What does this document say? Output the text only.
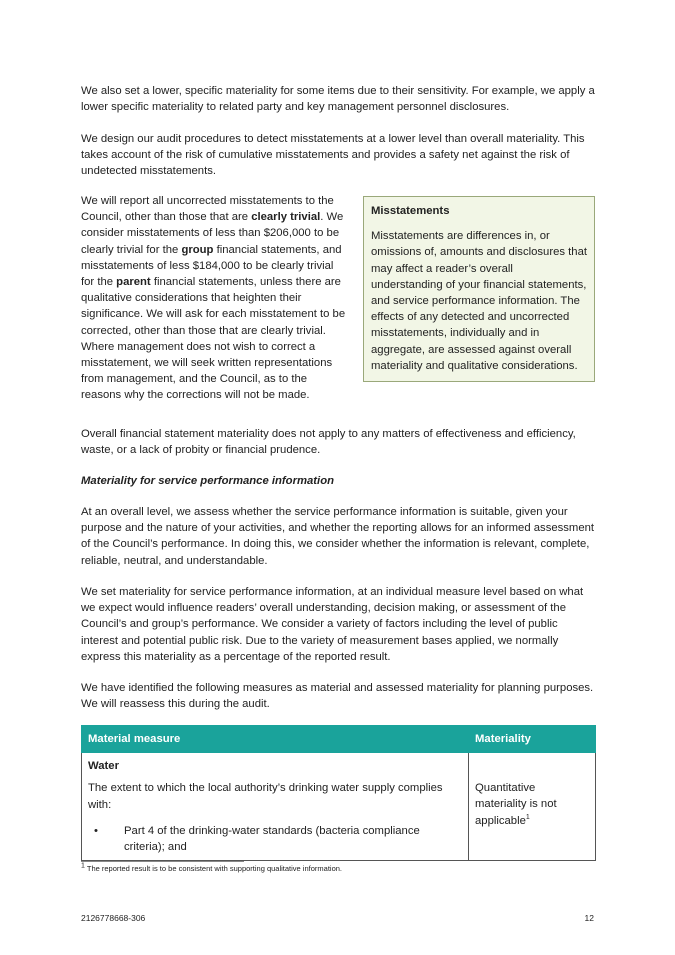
We also set a lower, specific materiality for some items due to their sensitivity. For example, we apply a lower specific materiality to related party and key management personnel disclosures.

We design our audit procedures to detect misstatements at a lower level than overall materiality. This takes account of the risk of cumulative misstatements and provides a safety net against the risk of undetected misstatements.

Misstatements
Misstatements are differences in, or omissions of, amounts and disclosures that may affect a reader’s overall understanding of your financial statements, and service performance information. The effects of any detected and uncorrected misstatements, individually and in aggregate, are assessed against overall materiality and qualitative considerations.

We will report all uncorrected misstatements to the Council, other than those that are clearly trivial. We consider misstatements of less than $206,000 to be clearly trivial for the group financial statements, and misstatements of less $184,000 to be clearly trivial for the parent financial statements, unless there are qualitative considerations that heighten their significance. We will ask for each misstatement to be corrected, other than those that are clearly trivial. Where management does not wish to correct a misstatement, we will seek written representations from management, and the Council, as to the reasons why the corrections will not be made.

Overall financial statement materiality does not apply to any matters of effectiveness and efficiency, waste, or a lack of probity or financial prudence.

Materiality for service performance information

At an overall level, we assess whether the service performance information is suitable, given your purpose and the nature of your activities, and whether the reporting allows for an informed assessment of the Council’s performance. In doing this, we consider whether the information is relevant, complete, reliable, neutral, and understandable.

We set materiality for service performance information, at an individual measure level based on what we expect would influence readers’ overall understanding, decision making, or assessment of the Council’s and group’s performance. We consider a variety of factors including the level of public interest and potential public risk. Due to the variety of measurement bases applied, we normally express this materiality as a percentage of the reported result.

We have identified the following measures as material and assessed materiality for planning purposes. We will reassess this during the audit.

Material measure	Materiality

Water
The extent to which the local authority’s drinking water supply complies with:
• Part 4 of the drinking-water standards (bacteria compliance criteria); and	Quantitative materiality is not applicable$^1$
$^1$ The reported result is to be consistent with supporting qualitative information.
2126778668-306	12
